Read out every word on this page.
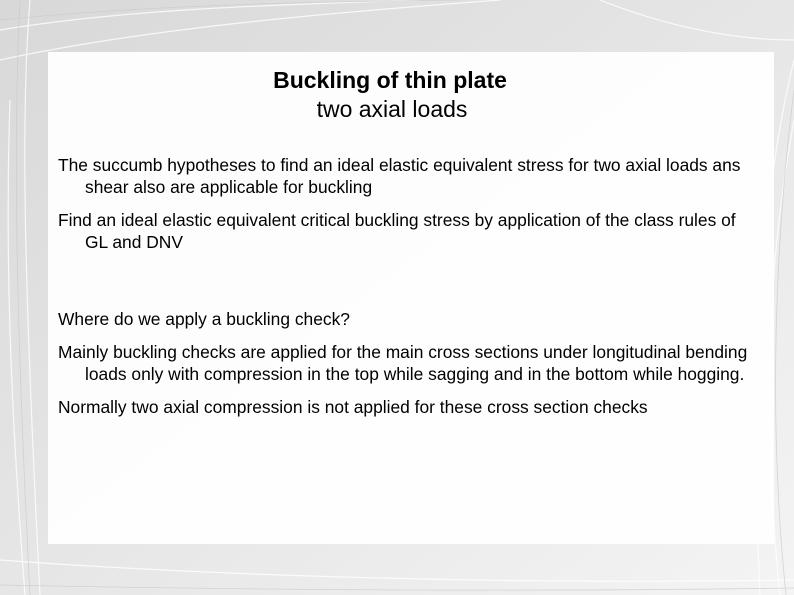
Buckling of thin plate
two axial loads

The succumb hypotheses to find an ideal elastic equivalent stress for two axial loads ans shear also are applicable for buckling

Find an ideal elastic equivalent critical buckling stress by application of the class rules of GL and DNV

Where do we apply a buckling check?

Mainly buckling checks are applied for the main cross sections under longitudinal bending loads only with compression in the top while sagging and in the bottom while hogging.

Normally two axial compression is not applied for these cross section checks
